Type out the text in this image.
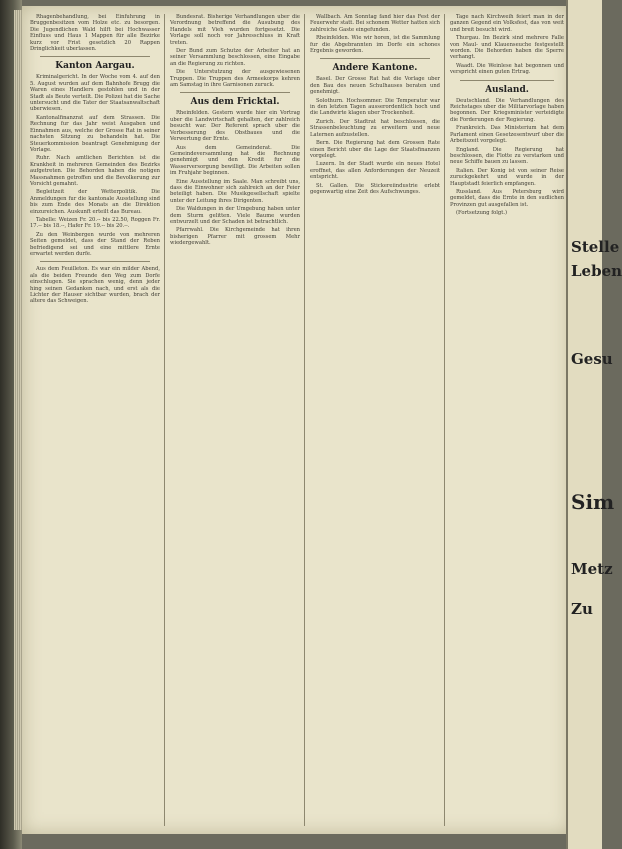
Rhagenbehandlung, bei Einfuhrung in Bruggenbesitzen vom Holze etc. zu besorgen. Die Jugendlichen Wald hilft bei Hochwasser Einfluss und Haus 1 Mappen für alle Bezirke kurz vor Frist gesetzlich 20 Rappen Dringlichkeit uberlassen.

Kanton Aargau.

Kriminalgericht. In der Woche vom 4. auf den 5. August wurden auf dem Bahnhofe Brugg die Waren eines Handlers gestohlen und in der Stadt als Beute verteilt. Die Polizei hat die Sache untersucht und die Tater der Staatsanwaltschaft uberwiesen.

Kantonalfinanzrat auf dem Strassen. Die Rechnung fur das Jahr weist Ausgaben und Einnahmen aus, welche der Grosse Rat in seiner nachsten Sitzung zu behandeln hat. Die Steuerkommission beantragt Genehmigung der Vorlage.

Ruhr. Nach amtlichen Berichten ist die Krankheit in mehreren Gemeinden des Bezirks aufgetreten. Die Behorden haben die notigen Massnahmen getroffen und die Bevolkerung zur Vorsicht gemahnt.

Begleitzeit der Wetterpolitik. Die Anmeldungen fur die kantonale Ausstellung sind bis zum Ende des Monats an die Direktion einzureichen. Auskunft erteilt das Bureau.

Tabelle: Weizen Fr. 20.-- bis 22.50, Roggen Fr. 17.-- bis 18.--, Hafer Fr. 19.-- bis 20.--.

Zu den Weinbergen wurde von mehreren Seiten gemeldet, dass der Stand der Reben befriedigend sei und eine mittlere Ernte erwartet werden durfe.

Aus dem Feuilleton. Es war ein milder Abend, als die beiden Freunde den Weg zum Dorfe einschlugen. Sie sprachen wenig, denn jeder hing seinen Gedanken nach, und erst als die Lichter der Hauser sichtbar wurden, brach der altere das Schweigen.

Bundesrat. Bisherige Verhandlungen uber die Verordnung betreffend die Ausubung des Handels mit Vieh wurden fortgesetzt. Die Vorlage soll noch vor Jahresschluss in Kraft treten.

Der Bund zum Schutze der Arbeiter hat an seiner Versammlung beschlossen, eine Eingabe an die Regierung zu richten.

Die Unterstutzung der ausgewiesenen Truppen. Die Truppen des Armeekorps kehren am Samstag in ihre Garnisonen zuruck.

Aus dem Fricktal.

Rheinfelden. Gestern wurde hier ein Vortrag uber die Landwirtschaft gehalten, der zahlreich besucht war. Der Referent sprach uber die Verbesserung des Obstbaues und die Verwertung der Ernte.

Aus dem Gemeinderat. Die Gemeindeversammlung hat die Rechnung genehmigt und den Kredit fur die Wasserversorgung bewilligt. Die Arbeiten sollen im Fruhjahr beginnen.

Eine Ausstellung im Saale. Man schreibt uns, dass die Einwohner sich zahlreich an der Feier beteiligt haben. Die Musikgesellschaft spielte unter der Leitung ihres Dirigenten.

Die Waldungen in der Umgebung haben unter dem Sturm gelitten. Viele Baume wurden entwurzelt und der Schaden ist betrachtlich.

Pfarrwahl. Die Kirchgemeinde hat ihren bisherigen Pfarrer mit grossem Mehr wiedergewahlt.

Wallbach. Am Sonntag fand hier das Fest der Feuerwehr statt. Bei schonem Wetter hatten sich zahlreiche Gaste eingefunden.

Rheinfelden. Wie wir horen, ist die Sammlung fur die Abgebrannten im Dorfe ein schones Ergebnis geworden.

Andere Kantone.

Basel. Der Grosse Rat hat die Vorlage uber den Bau des neuen Schulhauses beraten und genehmigt.

Solothurn. Hochsommer. Die Temperatur war in den letzten Tagen ausserordentlich hoch und die Landwirte klagen uber Trockenheit.

Zurich. Der Stadtrat hat beschlossen, die Strassenbeleuchtung zu erweitern und neue Laternen aufzustellen.

Bern. Die Regierung hat dem Grossen Rate einen Bericht uber die Lage der Staatsfinanzen vorgelegt.

Luzern. In der Stadt wurde ein neues Hotel eroffnet, das allen Anforderungen der Neuzeit entspricht.

St. Gallen. Die Stickereiindustrie erlebt gegenwartig eine Zeit des Aufschwunges.

Tage nach Kirchweih feiert man in der ganzen Gegend ein Volksfest, das von weit und breit besucht wird.

Thurgau. Im Bezirk sind mehrere Falle von Maul- und Klauenseuche festgestellt worden. Die Behorden haben die Sperre verhangt.

Waadt. Die Weinlese hat begonnen und verspricht einen guten Ertrag.

Ausland.

Deutschland. Die Verhandlungen des Reichstages uber die Militarvorlage haben begonnen. Der Kriegsminister verteidigte die Forderungen der Regierung.

Frankreich. Das Ministerium hat dem Parlament einen Gesetzesentwurf uber die Arbeitszeit vorgelegt.

England. Die Regierung hat beschlossen, die Flotte zu verstarken und neue Schiffe bauen zu lassen.

Italien. Der Konig ist von seiner Reise zuruckgekehrt und wurde in der Hauptstadt feierlich empfangen.

Russland. Aus Petersburg wird gemeldet, dass die Ernte in den sudlichen Provinzen gut ausgefallen ist.

(Fortsetzung folgt.)

Stelle
Leben
Gesu
Sim
Metz
Zu
